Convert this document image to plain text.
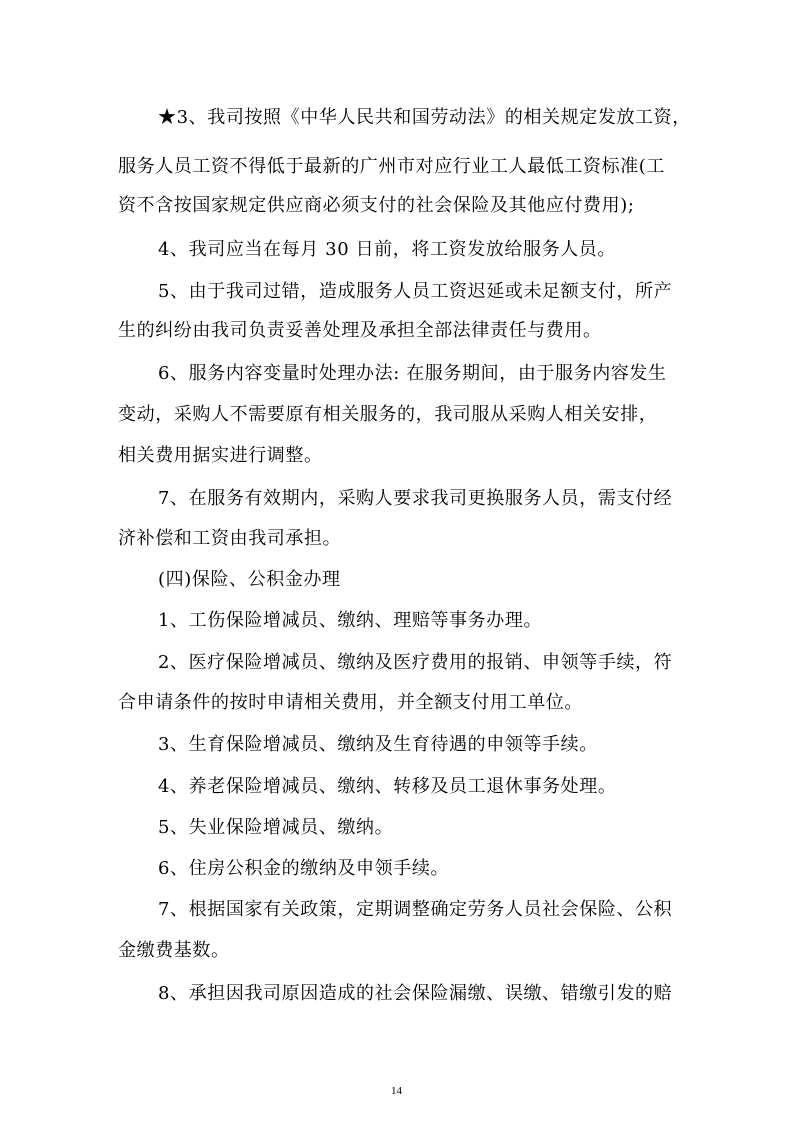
★3、我司按照《中华人民共和国劳动法》的相关规定发放工资，
服务人员工资不得低于最新的广州市对应行业工人最低工资标准(工
资不含按国家规定供应商必须支付的社会保险及其他应付费用);
4、我司应当在每月 30 日前，将工资发放给服务人员。
5、由于我司过错，造成服务人员工资迟延或未足额支付，所产
生的纠纷由我司负责妥善处理及承担全部法律责任与费用。
6、服务内容变量时处理办法: 在服务期间，由于服务内容发生
变动，采购人不需要原有相关服务的，我司服从采购人相关安排，
相关费用据实进行调整。
7、在服务有效期内，采购人要求我司更换服务人员，需支付经
济补偿和工资由我司承担。
(四)保险、公积金办理
1、工伤保险增减员、缴纳、理赔等事务办理。
2、医疗保险增减员、缴纳及医疗费用的报销、申领等手续，符
合申请条件的按时申请相关费用，并全额支付用工单位。
3、生育保险增减员、缴纳及生育待遇的申领等手续。
4、养老保险增减员、缴纳、转移及员工退休事务处理。
5、失业保险增减员、缴纳。
6、住房公积金的缴纳及申领手续。
7、根据国家有关政策，定期调整确定劳务人员社会保险、公积
金缴费基数。
8、承担因我司原因造成的社会保险漏缴、误缴、错缴引发的赔
14
